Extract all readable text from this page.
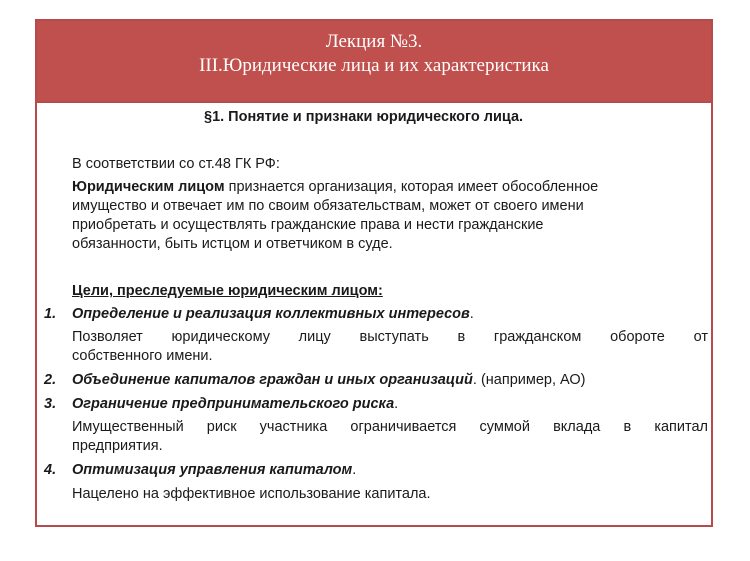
Лекция №3.
III.Юридические лица и их характеристика
§1. Понятие и признаки юридического лица.
В соответствии со ст.48 ГК РФ:
Юридическим лицом признается организация, которая имеет обособленное
имущество и отвечает им по своим обязательствам, может от своего имени
приобретать и осуществлять гражданские права и нести гражданские
обязанности, быть истцом и ответчиком в суде.
Цели, преследуемые юридическим лицом:
1. Определение и реализация коллективных интересов.
Позволяет юридическому лицу выступать в гражданском обороте от
собственного имени.
2. Объединение капиталов граждан и иных организаций. (например, АО)
3. Ограничение предпринимательского риска.
Имущественный риск участника ограничивается суммой вклада в капитал
предприятия.
4. Оптимизация управления капиталом.
Нацелено на эффективное использование капитала.
